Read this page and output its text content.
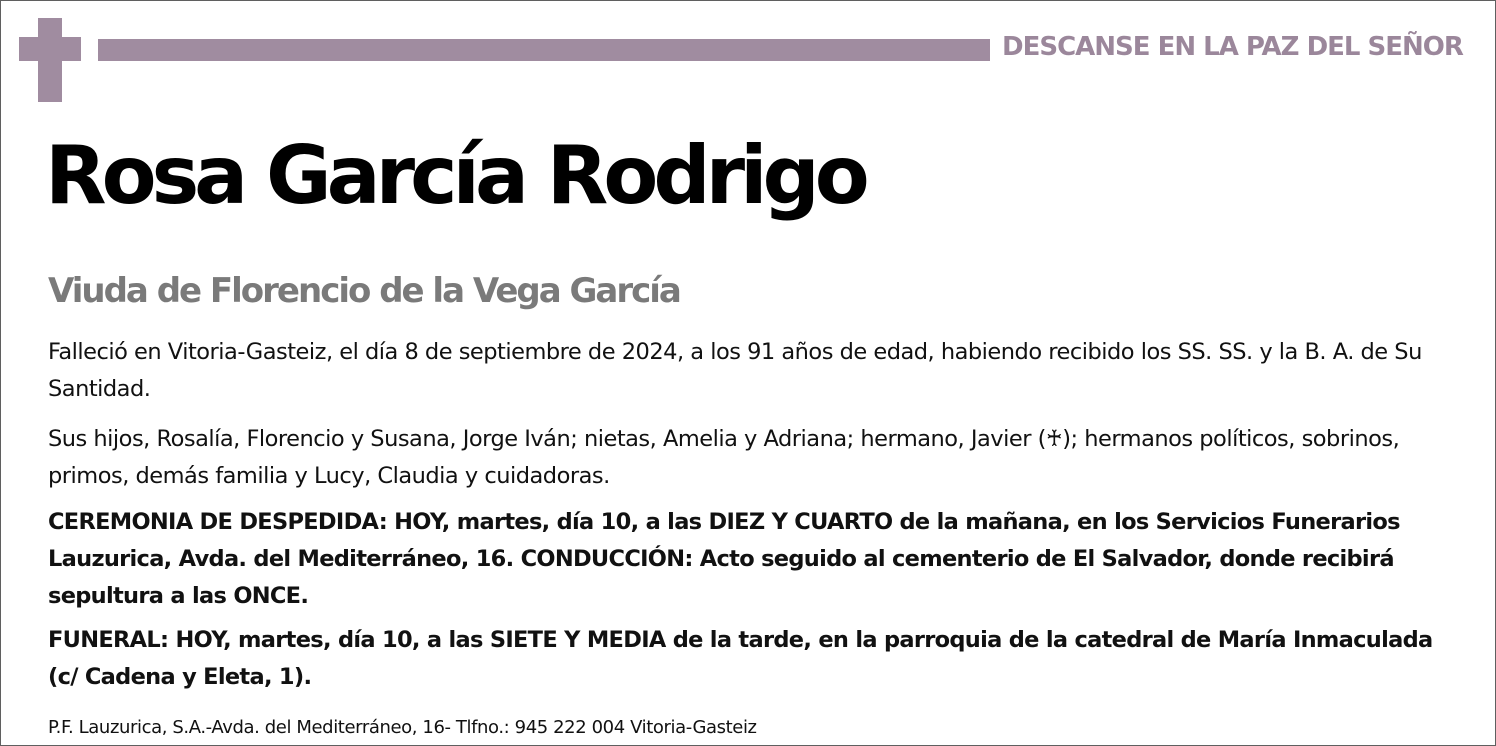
DESCANSE EN LA PAZ DEL SEÑOR
Rosa García Rodrigo
Viuda de Florencio de la Vega García
Falleció en Vitoria-Gasteiz, el día 8 de septiembre de 2024, a los 91 años de edad, habiendo recibido los SS. SS. y la B. A. de Su Santidad.
Sus hijos, Rosalía, Florencio y Susana, Jorge Iván; nietas, Amelia y Adriana; hermano, Javier (♰); hermanos políticos, sobrinos, primos, demás familia y Lucy, Claudia y cuidadoras.
CEREMONIA DE DESPEDIDA: HOY, martes, día 10, a las DIEZ Y CUARTO de la mañana, en los Servicios Funerarios Lauzurica, Avda. del Mediterráneo, 16. CONDUCCIÓN: Acto seguido al cementerio de El Salvador, donde recibirá sepultura a las ONCE.
FUNERAL: HOY, martes, día 10, a las SIETE Y MEDIA de la tarde, en la parroquia de la catedral de María Inmaculada (c/ Cadena y Eleta, 1).
P.F. Lauzurica, S.A.-Avda. del Mediterráneo, 16- Tlfno.: 945 222 004 Vitoria-Gasteiz
